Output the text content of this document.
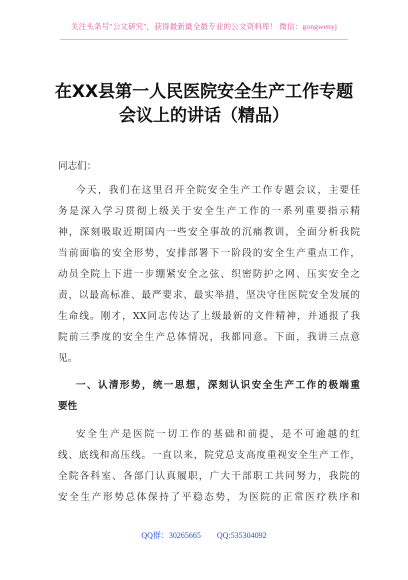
关注头条号"公文研究"，获得最新最全最专业的公文资料库！ 微信：gongwenyj
在XX县第一人民医院安全生产工作专题
会议上的讲话（精品）
同志们：
今天，我们在这里召开全院安全生产工作专题会议，主要任
务是深入学习贯彻上级关于安全生产工作的一系列重要指示精
神，深刻吸取近期国内一些安全事故的沉痛教训，全面分析我院
当前面临的安全形势，安排部署下一阶段的安全生产重点工作，
动员全院上下进一步绷紧安全之弦、织密防护之网、压实安全之
责，以最高标准、最严要求、最实举措，坚决守住医院安全发展的
生命线。刚才，XX同志传达了上级最新的文件精神，并通报了我
院前三季度的安全生产总体情况，我都同意。下面，我讲三点意
见。
一、认清形势，统一思想，深刻认识安全生产工作的极端重
要性
安全生产是医院一切工作的基础和前提，是不可逾越的红
线、底线和高压线。一直以来，院党总支高度重视安全生产工作，
全院各科室、各部门认真履职，广大干部职工共同努力，我院的
安全生产形势总体保持了平稳态势，为医院的正常医疗秩序和
QQ群：30265665 QQ:535304092
